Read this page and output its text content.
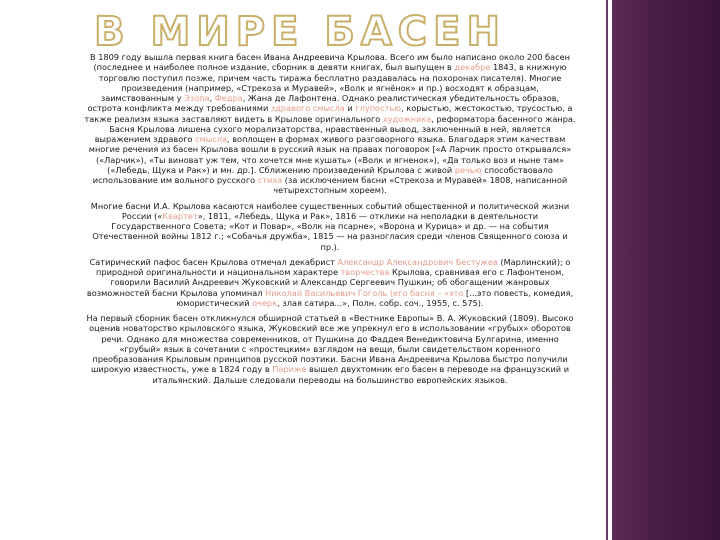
В МИРЕ БАСЕН

В 1809 году вышла первая книга басен Ивана Андреевича Крылова. Всего им было написано около 200 басен (последнее и наиболее полное издание, сборник в девяти книгах, был выпущен в декабре 1843, в книжную торговлю поступил позже, причем часть тиража бесплатно раздавалась на похоронах писателя). Многие произведения (например, «Стрекоза и Муравей», «Волк и ягнёнок» и пр.) восходят к образцам, заимствованным у Эзопа, Федра, Жана де Лафонтена. Однако реалистическая убедительность образов, острота конфликта между требованиями здравого смысла и глупостью, корыстью, жестокостью, трусостью, а также реализм языка заставляют видеть в Крылове оригинального художника, реформатора басенного жанра. Басня Крылова лишена сухого морализаторства, нравственный вывод, заключенный в ней, является выражением здравого смысла, воплощен в формах живого разговорного языка. Благодаря этим качествам многие речения из басен Крылова вошли в русский язык на правах поговорок [«А Ларчик просто открывался» («Ларчик»), «Ты виноват уж тем, что хочется мне кушать» («Волк и ягненок»), «Да только воз и ныне там» («Лебедь, Щука и Рак») и мн. др.]. Сближению произведений Крылова с живой речью способствовало использование им вольного русского стиха (за исключением басни «Стрекоза и Муравей» 1808, написанной четырехстопным хореем).

Многие басни И.А. Крылова касаются наиболее существенных событий общественной и политической жизни России («Квартет», 1811, «Лебедь, Щука и Рак», 1816 — отклики на неполадки в деятельности Государственного Совета; «Кот и Повар», «Волк на псарне», «Ворона и Курица» и др. — на события Отечественной войны 1812 г.; «Собачья дружба», 1815 — на разногласия среди членов Священного союза и пр.).

Сатирический пафос басен Крылова отмечал декабрист Александр Александрович Бестужев (Марлинский); о природной оригинальности и национальном характере творчества Крылова, сравнивая его с Лафонтеном, говорили Василий Андреевич Жуковский и Александр Сергеевич Пушкин; об обогащении жанровых возможностей басни Крылова упоминал Николай Васильевич Гоголь (его басня – «это [...это повесть, комедия, юмористический очерк, злая сатира...», Полн. собр. соч., 1955, с. 575).

На первый сборник басен откликнулся обширной статьей в «Вестнике Европы» В. А. Жуковский (1809). Высоко оценив новаторство крыловского языка, Жуковский все же упрекнул его в использовании «грубых» оборотов речи. Однако для множества современников, от Пушкина до Фаддея Венедиктовича Булгарина, именно «грубый» язык в сочетании с «простецким» взглядом на вещи, были свидетельством коренного преобразования Крыловым принципов русской поэтики. Басни Ивана Андреевича Крылова быстро получили широкую известность, уже в 1824 году в Париже вышел двухтомник его басен в переводе на французский и итальянский. Дальше следовали переводы на большинство европейских языков.
